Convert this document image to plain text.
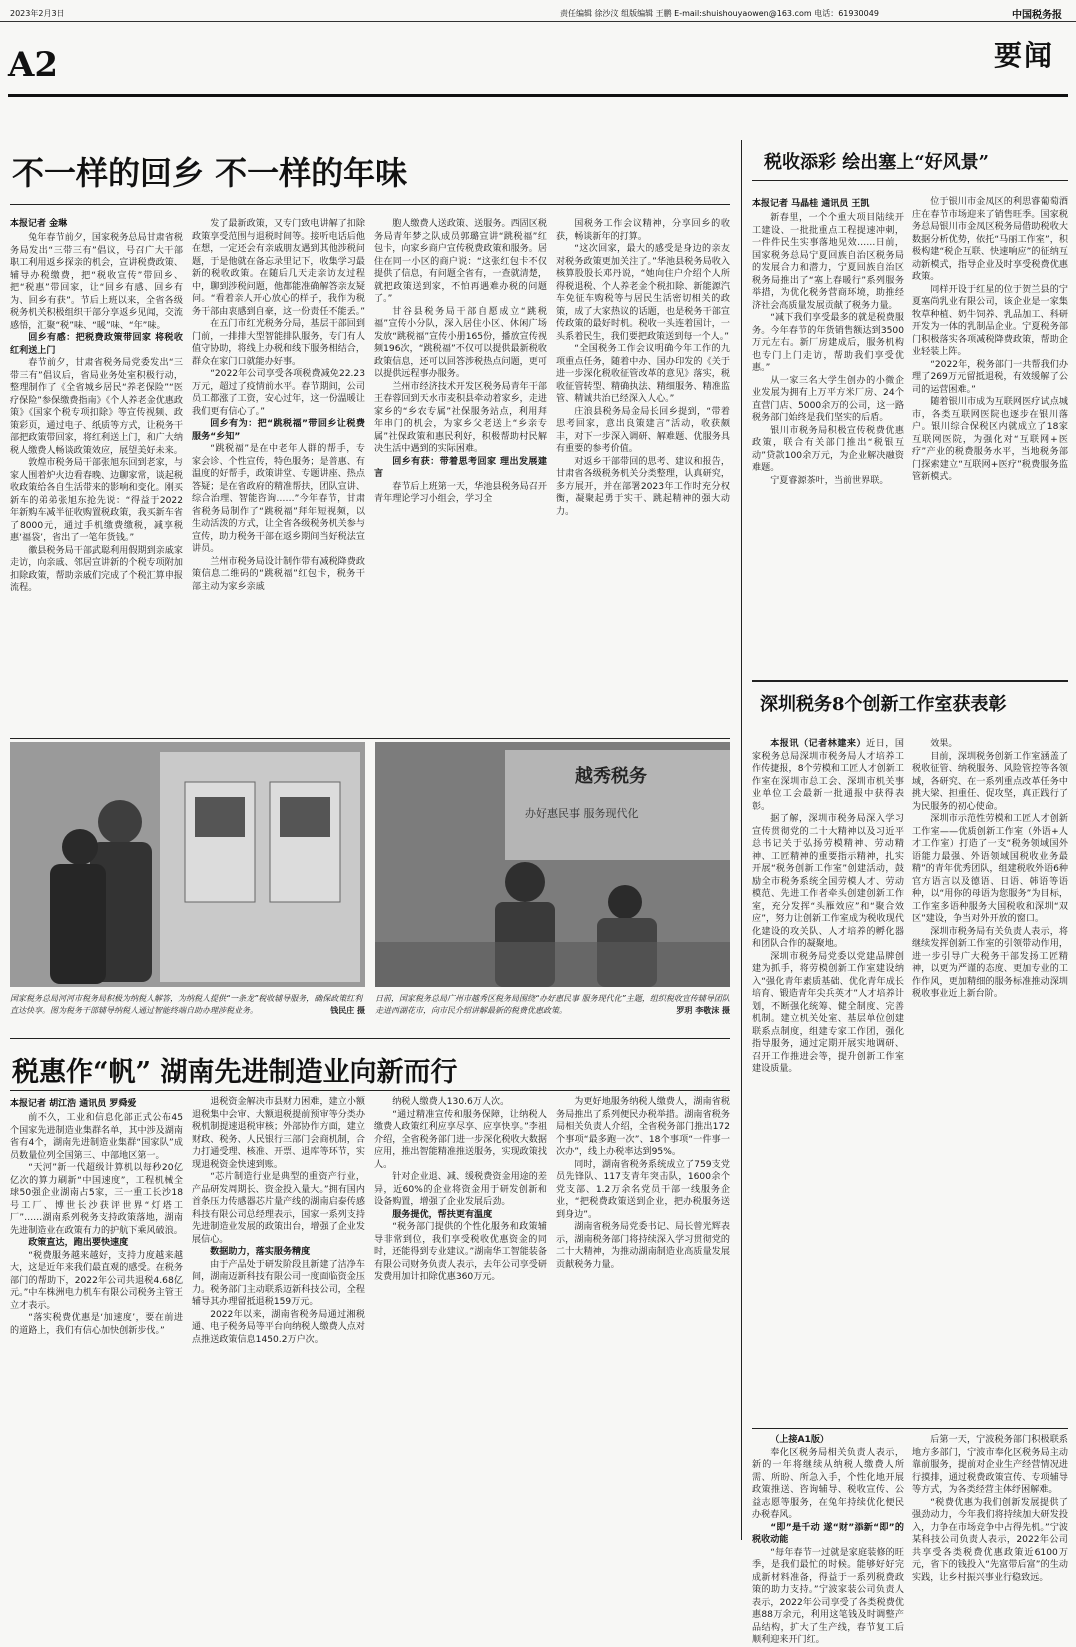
2023年2月3日	责任编辑 徐沙汶 组版编辑 王鹏 E-mail:shuishouyaowen@163.com 电话：61930049	中国税务报
A2	要闻
不一样的回乡 不一样的年味
本报记者 金琳

兔年春节前夕，国家税务总局甘肃省税务局发出“三带三有”倡议，号召广大干部职工利用返乡探亲的机会，宣讲税费政策、辅导办税缴费，把“税收宣传”带回乡、把“税惠”带回家，让“回乡有感、回乡有为、回乡有获”。节后上班以来，全省各级税务机关积极组织干部分享返乡见闻，交流感悟，汇聚“税”味、“暖”味、“年”味。

回乡有感：把税费政策带回家 将税收红利送上门

春节前夕，甘肃省税务局党委发出“三带三有”倡议后，省局业务处室积极行动，整理制作了《全省城乡居民“养老保险”“医疗保险”参保缴费指南》《个人养老金优惠政策》《国家个税专项扣除》等宣传视频、政策彩页，通过电子、纸质等方式，让税务干部把政策带回家，将红利送上门，和广大纳税人缴费人畅谈政策效应，展望美好未来。

敦煌市税务局干部张旭东回到老家，与家人围着炉火边看春晚、边聊家常，谈起税收政策给各自生活带来的影响和变化。刚买新车的弟弟张旭东抢先说：“得益于2022年新购车减半征收购置税政策，我买新车省了8000元，通过手机缴费缴税，减享税惠‘福袋’，省出了一笔年货钱。”

徽县税务局干部武聪利用假期到亲戚家走访，向亲戚、邻居宣讲新的个税专项附加扣除政策，帮助亲戚们完成了个税汇算申报流程。

发了最新政策，又专门致电讲解了扣除政策享受范围与退税时间等。接听电话后他在想，一定还会有亲戚朋友遇到其他涉税问题，于是他就在备忘录里记下，收集学习最新的税收政策。在随后几天走亲访友过程中，聊到涉税问题，他都能准确解答亲友疑问。“看着亲人开心放心的样子，我作为税务干部由衷感到自豪，这一份责任不能丢。”

在五门市红光税务分局，基层干部回到门前，一排排大型智能排队服务，专门有人值守协助，将线上办税和线下服务相结合，群众在家门口就能办好事。

“2022年公司享受各项税费减免22.23万元，超过了疫情前水平。春节期间，公司员工都涨了工资，安心过年，这一份温暖让我们更有信心了。”

回乡有为：把“跳税福”带回乡让税费服务“乡知”

“跳税福”是在中老年人群的帮手，专家会诊、个性宣传，特色服务；是普惠、有温度的好帮手，政策讲堂、专题讲座、热点答疑；是在省政府的精准帮扶，团队宣讲、综合治理、智能咨询……”今年春节，甘肃省税务局制作了“跳税福”拜年短视频，以生动活泼的方式，让全省各级税务机关参与宣传，助力税务干部在返乡期间当好税法宣讲员。

兰州市税务局设计制作带有减税降费政策信息二维码的“跳税福”红包卡，税务干部主动为家乡亲戚

胞人缴费人送政策、送服务。西固区税务局青年梦之队成员郭璐宣讲“跳税福”红包卡，向家乡商户宣传税费政策和服务。居住在同一小区的商户说：“这张红包卡不仅提供了信息，有问题全省有，一查就清楚，就把政策送到家，不怕再遇难办税的问题了。”

甘谷县税务局干部自愿成立“跳税福”宣传小分队，深入居住小区、休闲广场发放“跳税福”宣传小册165份，播放宣传视频196次，“跳税福”不仅可以提供最新税收政策信息，还可以回答涉税热点问题，更可以提供远程事办服务。

兰州市经济技术开发区税务局青年干部王春蓉回到天水市麦积县牵动着家乡，走进家乡的“乡农专属”社保服务站点，利用拜年串门的机会，为家乡父老送上“乡亲专属”社保政策和惠民利好，积极帮助村民解决生活中遇到的实际困难。

回乡有获：带着思考回家 理出发展建言

春节后上班第一天，华池县税务局召开青年理论学习小组会，学习全

国税务工作会议精神，分享回乡的收获，畅谈新年的打算。

“这次回家，最大的感受是身边的亲友对税务政策更加关注了。”华池县税务局收入核算股股长邓丹说，“她向住户介绍个人所得税退税、个人养老金个税扣除、新能源汽车免征车购税等与居民生活密切相关的政策，成了大家热议的话题，也是税务干部宣传政策的最好时机。税收一头连着国计，一头系着民生，我们要把政策送到每一个人。”

“全国税务工作会议明确今年工作的九项重点任务，随着中办、国办印发的《关于进一步深化税收征管改革的意见》落实，税收征管转型、精确执法、精细服务、精准监管、精诚共治已经深入人心。”

庄浪县税务局金局长回乡提到，“带着思考回家，意出良策建言”活动，收获颇丰，对下一步深入调研、解难题、优服务具有重要的参考价值。

对返乡干部带回的思考、建议和报告，甘肃省各级税务机关分类整理，认真研究，多方展开，并在部署2023年工作时充分权衡，凝聚起勇于实干、跳起精神的强大动力。

税收添彩 绘出塞上“好风景”
本报记者 马晶桂 通讯员 王凯

新春里，一个个重大项目陆续开工建设、一批批重点工程提速冲刺，一件件民生实事落地见效……日前，国家税务总局宁夏回族自治区税务局的发展合力和潜力，宁夏回族自治区税务局推出了“塞上春暖行”系列服务举措，为优化税务营商环境，助推经济社会高质量发展贡献了税务力量。

“减下我们享受最多的就是税费服务。今年春节的年货销售额达到3500万元左右。新厂房建成后，服务机构也专门上门走访，帮助我们享受优惠。”

从一家三名大学生创办的小微企业发展为拥有上万平方米厂房、24个直营门店、5000余万的公司，这一路税务部门始终是我们坚实的后盾。

银川市税务局积极宣传税费优惠政策，联合有关部门推出“税银互动”贷款100余万元，为企业解决融资难题。

宁夏睿源茶叶，当前世界联。

位于银川市金凤区的利思睿葡萄酒庄在春节市场迎来了销售旺季。国家税务总局银川市金凤区税务局借助税收大数据分析优势，依托“马丽工作室”，积极构建“税企互联、快速响应”的征纳互动新模式，指导企业及时享受税费优惠政策。

同样开设于红星的位于贺兰县的宁夏塞尚乳业有限公司，该企业是一家集牧草种植、奶牛饲养、乳品加工、科研开发为一体的乳制品企业。宁夏税务部门积极落实各项减税降费政策，帮助企业轻装上阵。

“2022年，税务部门一共帮我们办理了269万元留抵退税，有效缓解了公司的运营困难。”

随着银川市成为互联网医疗试点城市，各类互联网医院也逐步在银川落户。银川综合保税区内就成立了18家互联网医院，为强化对“互联网+医疗”产业的税费服务水平，当地税务部门探索建立“互联网+医疗”税费服务监管新模式。

深圳税务8个创新工作室获表彰

本报讯（记者林建来）近日，国家税务总局深圳市税务局人才培养工作传捷报，8个劳模和工匠人才创新工作室在深圳市总工会、深圳市机关事业单位工会最新一批通报中获得表彰。

据了解，深圳市税务局深入学习宣传贯彻党的二十大精神以及习近平总书记关于弘扬劳模精神、劳动精神、工匠精神的重要指示精神，扎实开展“税务创新工作室”创建活动，鼓励全市税务系统全国劳模人才、劳动模范、先进工作者牵头创建创新工作室，充分发挥“头雁效应”和“聚合效应”，努力让创新工作室成为税收现代化建设的攻关队、人才培养的孵化器和团队合作的凝聚地。

深圳市税务局党委以党建品牌创建为抓手，将劳模创新工作室建设纳入“强化青年素质基础、优化青年成长培育、锻造青年尖兵英才”人才培养计划，不断强化统筹、健全制度、完善机制。建立机关处室、基层单位创建联系点制度，组建专家工作团，强化指导服务，通过定期开展实地调研、召开工作推进会等，提升创新工作室建设质量。

效果。

目前，深圳税务创新工作室涵盖了税收征管、纳税服务、风险管控等各领域，各研究、在一系列重点改革任务中挑大梁、担重任、促攻坚，真正践行了为民服务的初心使命。

深圳市示范性劳模和工匠人才创新工作室——优质创新工作室（外语+人才工作室）打造了一支“税务领域国外语能力最强、外语领域国税收业务最精”的青年优秀团队，组建税收外语6种官方语言以及德语、日语、韩语等语种，以“用你的母语为您服务”为目标，工作室多语种服务大国税收和深圳“双区”建设，争当对外开放的窗口。

深圳市税务局有关负责人表示，将继续发挥创新工作室的引领带动作用，进一步引导广大税务干部发扬工匠精神，以更为严谨的态度、更加专业的工作作风，更加精细的服务标准推动深圳税收事业近上新台阶。

越秀税务
办好惠民事 服务现代化
国家税务总局河河市税务局积极为纳税人解答，为纳税人提供“一条龙”税收辅导服务，确保政策红利直达快享。图为税务干部辅导纳税人通过智能终端自助办理涉税业务。	钱民庄 摄
日前，国家税务总局广州市越秀区税务局围绕“办好惠民事 服务现代化”主题，组织税收宣传辅导团队走进西湖花市，向市民介绍讲解最新的税费优惠政策。	罗玥 李敬沫 摄
税惠作“帆” 湖南先进制造业向新而行
本报记者 胡江浩 通讯员 罗舜爱

前不久，工业和信息化部正式公布45个国家先进制造业集群名单，其中涉及湖南省有4个，湖南先进制造业集群“国家队”成员数量位列全国第三、中部地区第一。

“天河”新一代超级计算机以每秒20亿亿次的算力刷新“中国速度”，工程机械全球50强企业湖南占5家，三一重工长沙18号工厂、博世长沙获评世界“灯塔工厂”……湖南系列税务支持政策落地，湖南先进制造业在政策有力的护航下乘风破浪。

政策直达，跑出要快速度

“税费服务越来越好，支持力度越来越大，这是近年来我们最直观的感受。在税务部门的帮助下，2022年公司共退税4.68亿元。”中车株洲电力机车有限公司税务主管王立才表示。

“落实税费优惠是‘加速度’，要在前进的道路上，我们有信心加快创新步伐。”

退税资金解决市县财力困难，建立小额退税集中会审、大额退税提前预审等分类办税机制提速退税审核；外部协作方面，建立财政、税务、人民银行三部门会商机制，合力打通受理、核准、开票、退库等环节，实现退税资金快速到账。

“芯片制造行业是典型的重资产行业，产品研发周期长、资金投入量大。”拥有国内首条压力传感器芯片量产线的湖南启泰传感科技有限公司总经理表示，国家一系列支持先进制造业发展的政策出台，增强了企业发展信心。

数据助力，落实服务精度

由于产品处于研发阶段且新建了洁净车间，湖南迈新科技有限公司一度面临资金压力。税务部门主动联系迈新科技公司，全程辅导其办理留抵退税159万元。

2022年以来，湖南省税务局通过湘税通、电子税务局等平台向纳税人缴费人点对点推送政策信息1450.2万户次。

纳税人缴费人130.6万人次。

“通过精准宣传和服务保障，让纳税人缴费人政策红利应享尽享、应享快享。”李祖介绍，全省税务部门进一步深化税收大数据应用，推出智能精准推送服务，实现政策找人。

针对企业退、减、缓税费资金用途的差异，近60%的企业将资金用于研发创新和设备购置，增强了企业发展后劲。

服务提优，帮扶更有温度

“税务部门提供的个性化服务和政策辅导非常到位，我们享受税收优惠资金的同时，还能得到专业建议。”湖南华工智能装备有限公司财务负责人表示，去年公司享受研发费用加计扣除优惠360万元。

为更好地服务纳税人缴费人，湖南省税务局推出了系列便民办税举措。湖南省税务局相关负责人介绍，全省税务部门推出172个事项“最多跑一次”、18个事项“一件事一次办”，线上办税率达到95%。

同时，湖南省税务系统成立了759支党员先锋队、117支青年突击队，1600余个党支部、1.2万余名党员干部一线服务企业，“把税费政策送到企业，把办税服务送到身边”。

湖南省税务局党委书记、局长曾光辉表示，湖南税务部门将持续深入学习贯彻党的二十大精神，为推动湖南制造业高质量发展贡献税务力量。

（上接A1版）

奉化区税务局相关负责人表示，新的一年将继续从纳税人缴费人所需、所盼、所急入手，个性化地开展政策推送、咨询辅导、税收宣传、公益志愿等服务，在兔年持续优化便民办税春风。

“即”是千动 遂“财”添新“即”的税收动能

“每年春节一过就是家庭装修的旺季，是我们最忙的时候。能够好好完成新材料准备，得益于一系列税费政策的助力支持。”宁波家装公司负责人表示，2022年公司享受了各类税费优惠88万余元，利用这笔钱及时调整产品结构，扩大了生产线，春节复工后顺利迎来开门红。

后第一天，宁波税务部门积极联系地方多部门，宁波市奉化区税务局主动靠前服务，提前对企业生产经营情况进行摸排，通过税费政策宣传、专项辅导等方式，为各类经营主体纾困解难。

“税费优惠为我们创新发展提供了强劲动力，今年我们将持续加大研发投入，力争在市场竞争中占得先机。”宁波某科技公司负责人表示，2022年公司共享受各类税费优惠政策近6100万元，省下的钱投入“先富带后富”的生动实践，让乡村振兴事业行稳致远。
